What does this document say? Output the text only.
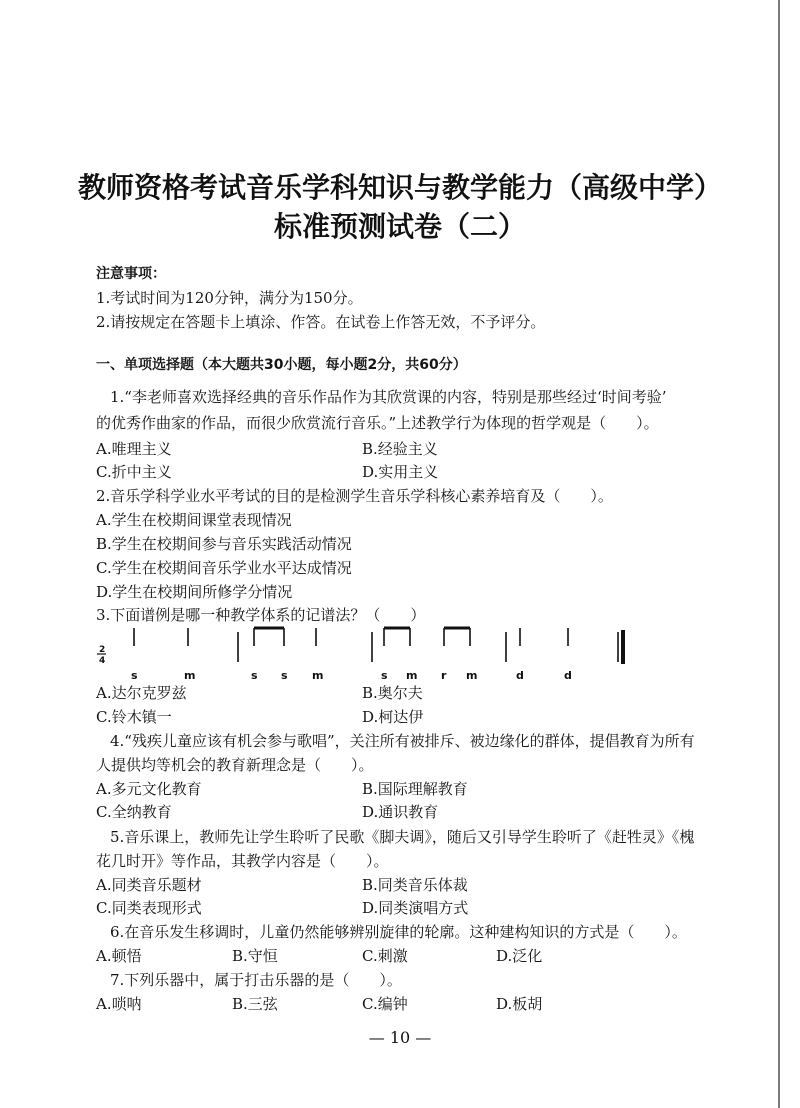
教师资格考试音乐学科知识与教学能力（高级中学）
标准预测试卷（二）
注意事项：
1.考试时间为120分钟，满分为150分。
2.请按规定在答题卡上填涂、作答。在试卷上作答无效，不予评分。
一、单项选择题（本大题共30小题，每小题2分，共60分）
1.“李老师喜欢选择经典的音乐作品作为其欣赏课的内容，特别是那些经过‘时间考验’
的优秀作曲家的作品，而很少欣赏流行音乐。”上述教学行为体现的哲学观是（　　）。
A.唯理主义	B.经验主义
C.折中主义	D.实用主义
2.音乐学科学业水平考试的目的是检测学生音乐学科核心素养培育及（　　）。
A.学生在校期间课堂表现情况
B.学生在校期间参与音乐实践活动情况
C.学生在校期间音乐学业水平达成情况
D.学生在校期间所修学分情况
3.下面谱例是哪一种教学体系的记谱法？（　　）
2
4
s	m	s s m	s m r m	d	d
A.达尔克罗兹	B.奥尔夫
C.铃木镇一	D.柯达伊
4.“残疾儿童应该有机会参与歌唱”，关注所有被排斥、被边缘化的群体，提倡教育为所有
人提供均等机会的教育新理念是（　　）。
A.多元文化教育	B.国际理解教育
C.全纳教育	D.通识教育
5.音乐课上，教师先让学生聆听了民歌《脚夫调》，随后又引导学生聆听了《赶牲灵》《槐
花几时开》等作品，其教学内容是（　　）。
A.同类音乐题材	B.同类音乐体裁
C.同类表现形式	D.同类演唱方式
6.在音乐发生移调时，儿童仍然能够辨别旋律的轮廓。这种建构知识的方式是（　　）。
A.顿悟	B.守恒	C.刺激	D.泛化
7.下列乐器中，属于打击乐器的是（　　）。
A.唢呐	B.三弦	C.编钟	D.板胡
— 10 —
